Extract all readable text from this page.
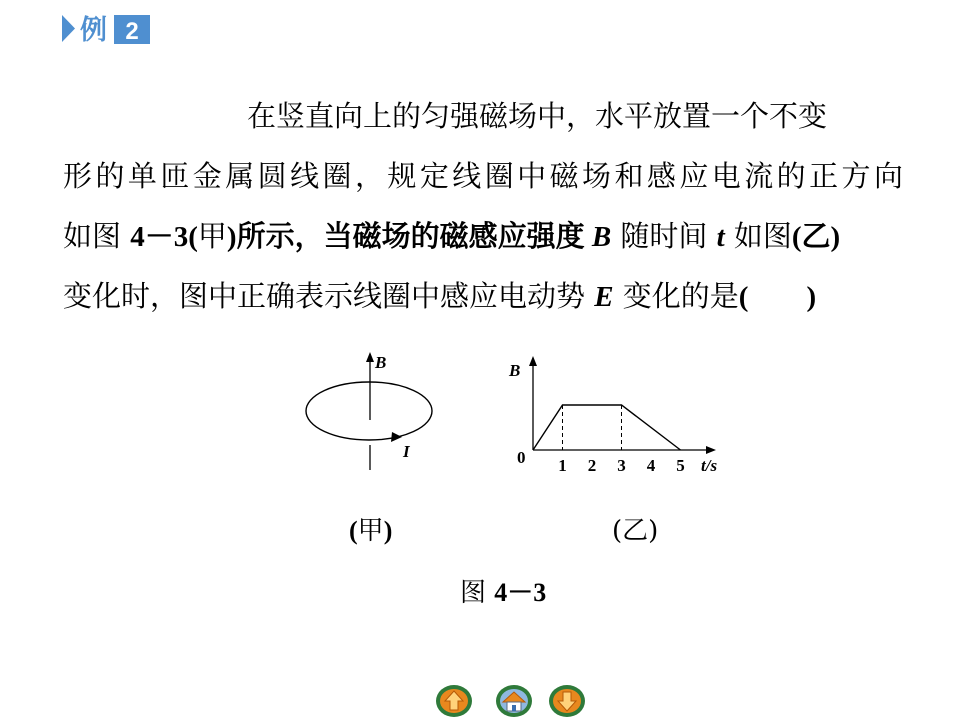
例 2
在竖直向上的匀强磁场中，水平放置一个不变
形的单匝金属圆线圈，规定线圈中磁场和感应电流的正方向
如图 4－3(甲)所示，当磁场的磁感应强度 B 随时间 t 如图(乙)
变化时，图中正确表示线圈中感应电动势 E 变化的是(　　)
B
I
B
0	t/s
1 2 3 4 5
(甲)	(乙)
图 4－3
